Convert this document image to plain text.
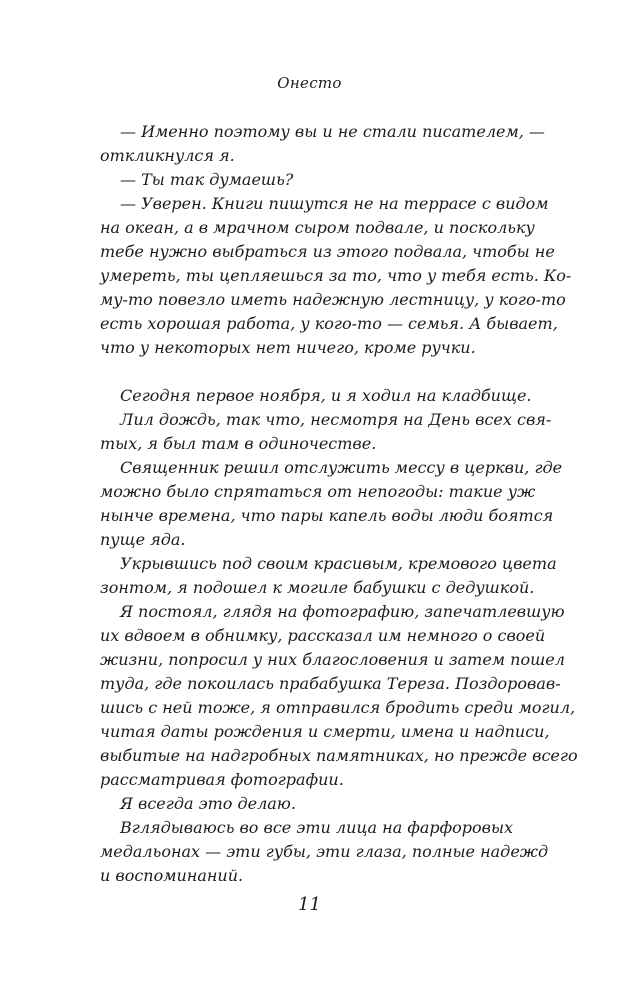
Онесто
— Именно поэтому вы и не стали писателем, —
откликнулся я.
— Ты так думаешь?
— Уверен. Книги пишутся не на террасе с видом
на океан, а в мрачном сыром подвале, и поскольку
тебе нужно выбраться из этого подвала, чтобы не
умереть, ты цепляешься за то, что у тебя есть. Ко-
му-то повезло иметь надежную лестницу, у кого-то
есть хорошая работа, у кого-то — семья. А бывает,
что у некоторых нет ничего, кроме ручки.
Сегодня первое ноября, и я ходил на кладбище.
Лил дождь, так что, несмотря на День всех свя-
тых, я был там в одиночестве.
Священник решил отслужить мессу в церкви, где
можно было спрятаться от непогоды: такие уж
нынче времена, что пары капель воды люди боятся
пуще яда.
Укрывшись под своим красивым, кремового цвета
зонтом, я подошел к могиле бабушки с дедушкой.
Я постоял, глядя на фотографию, запечатлевшую
их вдвоем в обнимку, рассказал им немного о своей
жизни, попросил у них благословения и затем пошел
туда, где покоилась прабабушка Тереза. Поздоровав-
шись с ней тоже, я отправился бродить среди могил,
читая даты рождения и смерти, имена и надписи,
выбитые на надгробных памятниках, но прежде всего
рассматривая фотографии.
Я всегда это делаю.
Вглядываюсь во все эти лица на фарфоровых
медальонах — эти губы, эти глаза, полные надежд
и воспоминаний.
11
